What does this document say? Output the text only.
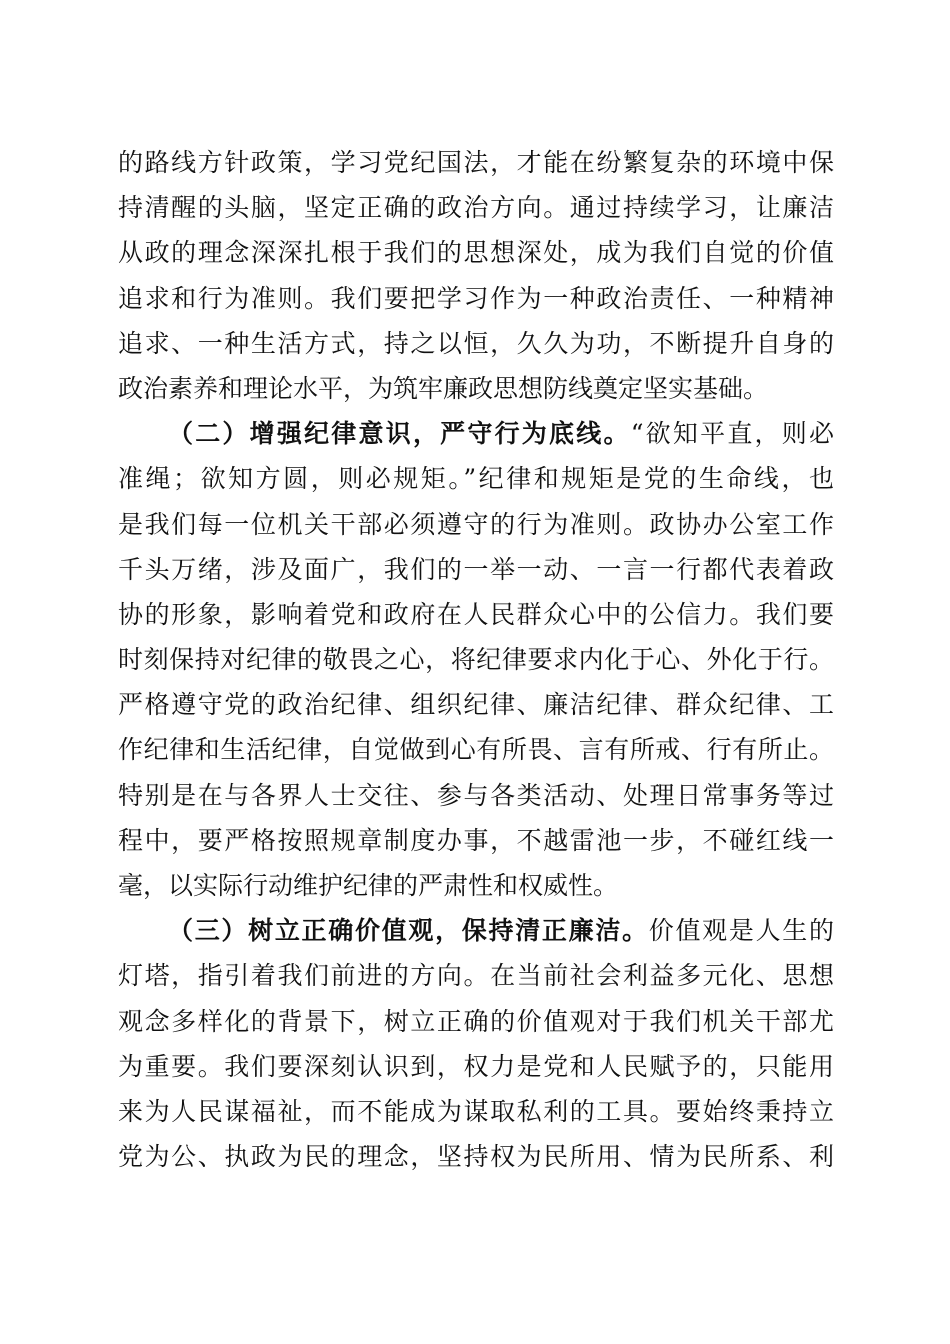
的路线方针政策，学习党纪国法，才能在纷繁复杂的环境中保
持清醒的头脑，坚定正确的政治方向。通过持续学习，让廉洁
从政的理念深深扎根于我们的思想深处，成为我们自觉的价值
追求和行为准则。我们要把学习作为一种政治责任、一种精神
追求、一种生活方式，持之以恒，久久为功，不断提升自身的
政治素养和理论水平，为筑牢廉政思想防线奠定坚实基础。
（二）增强纪律意识，严守行为底线。“欲知平直，则必
准绳；欲知方圆，则必规矩。”纪律和规矩是党的生命线，也
是我们每一位机关干部必须遵守的行为准则。政协办公室工作
千头万绪，涉及面广，我们的一举一动、一言一行都代表着政
协的形象，影响着党和政府在人民群众心中的公信力。我们要
时刻保持对纪律的敬畏之心，将纪律要求内化于心、外化于行。
严格遵守党的政治纪律、组织纪律、廉洁纪律、群众纪律、工
作纪律和生活纪律，自觉做到心有所畏、言有所戒、行有所止。
特别是在与各界人士交往、参与各类活动、处理日常事务等过
程中，要严格按照规章制度办事，不越雷池一步，不碰红线一
毫，以实际行动维护纪律的严肃性和权威性。
（三）树立正确价值观，保持清正廉洁。价值观是人生的
灯塔，指引着我们前进的方向。在当前社会利益多元化、思想
观念多样化的背景下，树立正确的价值观对于我们机关干部尤
为重要。我们要深刻认识到，权力是党和人民赋予的，只能用
来为人民谋福祉，而不能成为谋取私利的工具。要始终秉持立
党为公、执政为民的理念，坚持权为民所用、情为民所系、利
